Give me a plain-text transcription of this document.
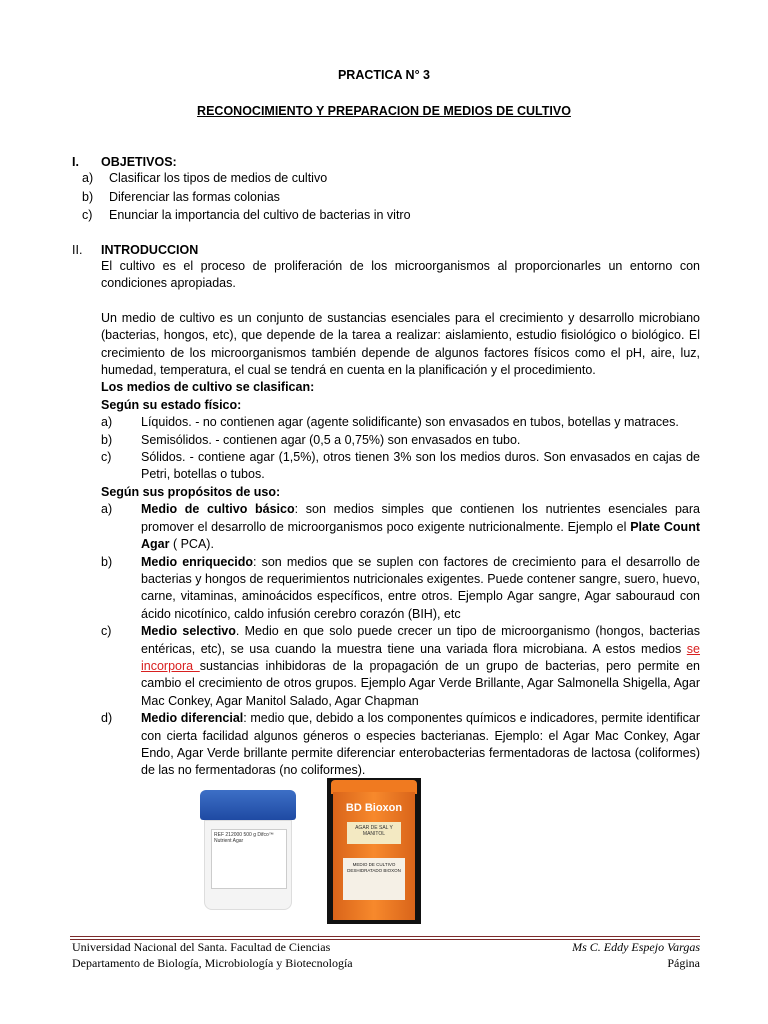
PRACTICA N° 3
RECONOCIMIENTO Y PREPARACION DE MEDIOS DE CULTIVO
I.	OBJETIVOS:
a) Clasificar los tipos de medios de cultivo
b) Diferenciar las formas colonias
c) Enunciar la importancia del cultivo de bacterias in vitro
II.	INTRODUCCION

El cultivo es el proceso de proliferación de los microorganismos al proporcionarles un entorno con condiciones apropiadas.

Un medio de cultivo es un conjunto de sustancias esenciales para el crecimiento y desarrollo microbiano (bacterias, hongos, etc), que depende de la tarea a realizar: aislamiento, estudio fisiológico o biológico. El crecimiento de los microorganismos también depende de algunos factores físicos como el pH, aire, luz, humedad, temperatura, el cual se tendrá en cuenta en la planificación y el procedimiento.

Los medios de cultivo se clasifican:

Según su estado físico:

a) Líquidos. - no contienen agar (agente solidificante) son envasados en tubos, botellas y matraces.
b) Semisólidos. - contienen agar (0,5 a 0,75%) son envasados en tubo.
c) Sólidos. - contiene agar (1,5%), otros tienen 3% son los medios duros. Son envasados en cajas de Petri, botellas o tubos.

Según sus propósitos de uso:

a) Medio de cultivo básico: son medios simples que contienen los nutrientes esenciales para promover el desarrollo de microorganismos poco exigente nutricionalmente. Ejemplo el Plate Count Agar ( PCA).
b) Medio enriquecido: son medios que se suplen con factores de crecimiento para el desarrollo de bacterias y hongos de requerimientos nutricionales exigentes. Puede contener sangre, suero, huevo, carne, vitaminas, aminoácidos específicos, entre otros. Ejemplo Agar sangre, Agar sabouraud con ácido nicotínico, caldo infusión cerebro corazón (BIH), etc
c) Medio selectivo. Medio en que solo puede crecer un tipo de microorganismo (hongos, bacterias entéricas, etc), se usa cuando la muestra tiene una variada flora microbiana. A estos medios se incorpora sustancias inhibidoras de la propagación de un grupo de bacterias, pero permite en cambio el crecimiento de otros grupos. Ejemplo Agar Verde Brillante, Agar Salmonella Shigella, Agar Mac Conkey, Agar Manitol Salado, Agar Chapman
d) Medio diferencial: medio que, debido a los componentes químicos e indicadores, permite identificar con cierta facilidad algunos géneros o especies bacterianas. Ejemplo: el Agar Mac Conkey, Agar Endo, Agar Verde brillante permite diferenciar enterobacterias fermentadoras de lactosa (coliformes) de las no fermentadoras (no coliformes).
REF 212000 500 g Difco™ Nutrient Agar
BD Bioxon
AGAR DE SAL Y MANITOL
MEDIO DE CULTIVO DESHIDRATADO BIOXON
Universidad Nacional del Santa. Facultad de Ciencias	Ms C. Eddy Espejo Vargas
Departamento de Biología, Microbiología y Biotecnología	Página
